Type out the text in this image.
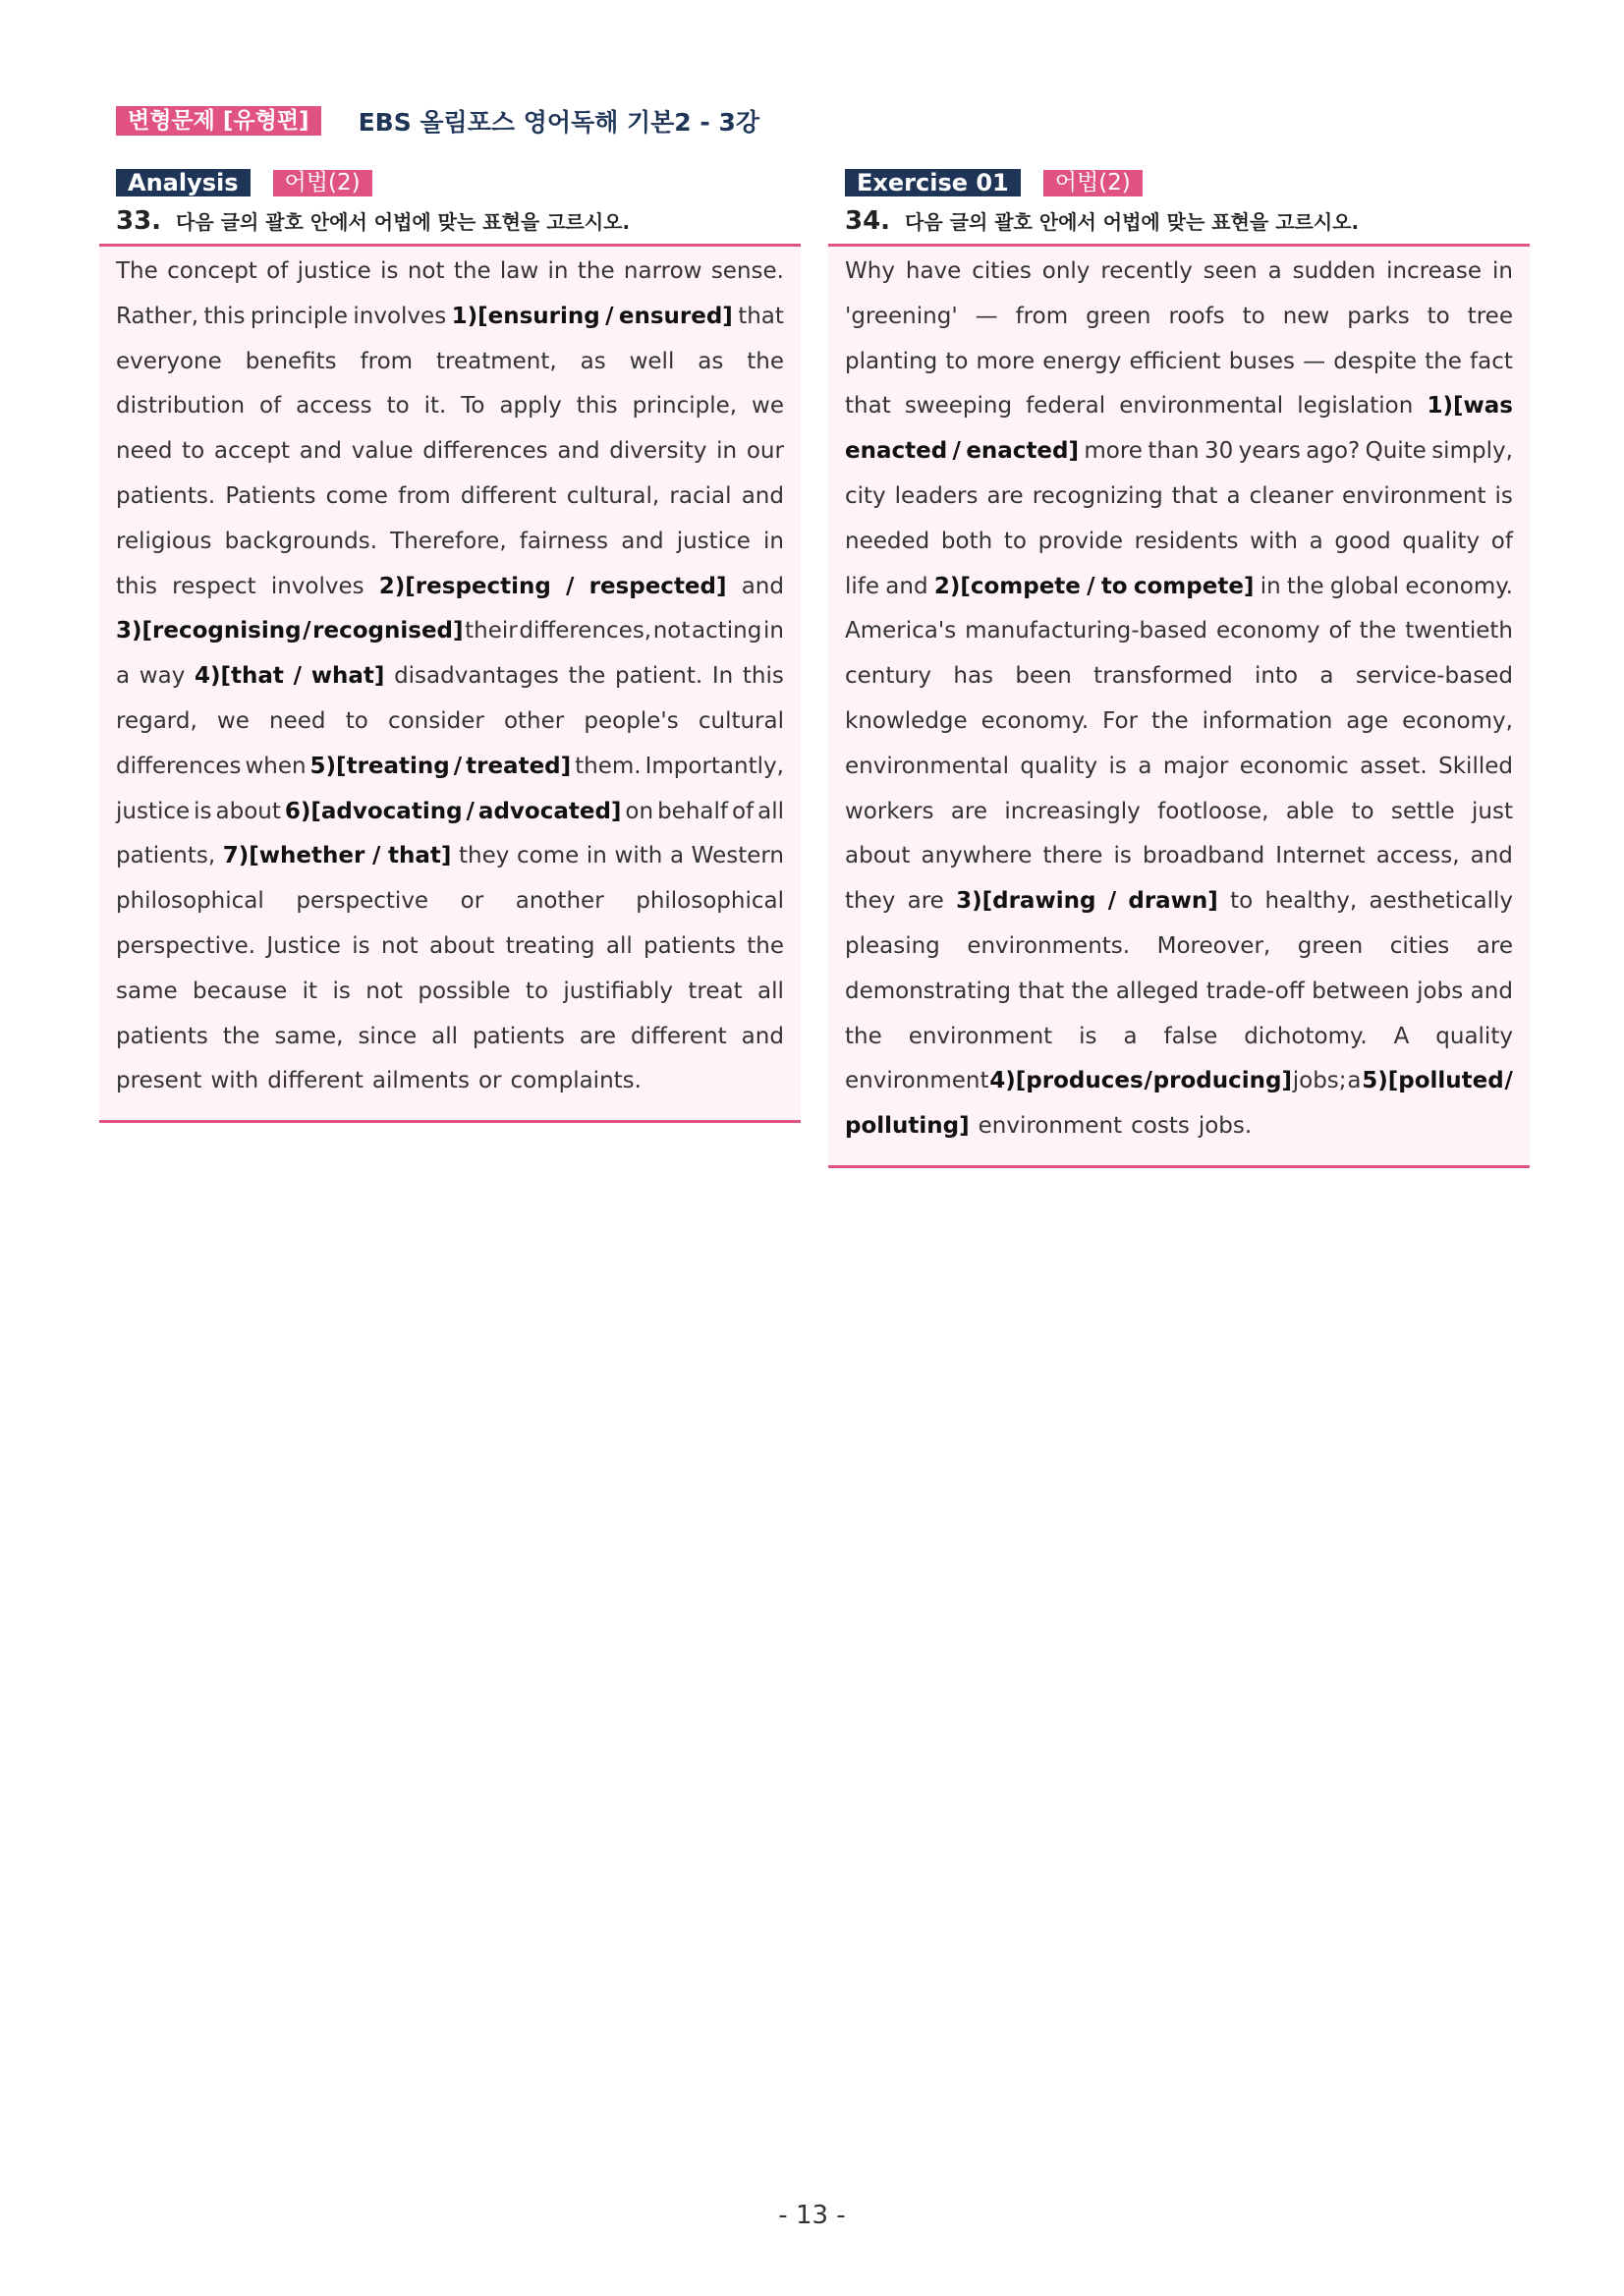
변형문제 [유형편]	EBS 올림포스 영어독해 기본2 - 3강
Analysis	어법(2)
33. 다음 글의 괄호 안에서 어법에 맞는 표현을 고르시오.
The concept of justice is not the law in the narrow sense.
Rather, this principle involves 1)[ensuring / ensured] that
everyone benefits from treatment, as well as the
distribution of access to it. To apply this principle, we
need to accept and value differences and diversity in our
patients. Patients come from different cultural, racial and
religious backgrounds. Therefore, fairness and justice in
this respect involves 2)[respecting / respected] and
3)[recognising / recognised] their differences, not acting in
a way 4)[that / what] disadvantages the patient. In this
regard, we need to consider other people's cultural
differences when 5)[treating / treated] them. Importantly,
justice is about 6)[advocating / advocated] on behalf of all
patients, 7)[whether / that] they come in with a Western
philosophical perspective or another philosophical
perspective. Justice is not about treating all patients the
same because it is not possible to justifiably treat all
patients the same, since all patients are different and
present with different ailments or complaints.
Exercise 01	어법(2)
34. 다음 글의 괄호 안에서 어법에 맞는 표현을 고르시오.
Why have cities only recently seen a sudden increase in
'greening' — from green roofs to new parks to tree
planting to more energy efficient buses — despite the fact
that sweeping federal environmental legislation 1)[was
enacted / enacted] more than 30 years ago? Quite simply,
city leaders are recognizing that a cleaner environment is
needed both to provide residents with a good quality of
life and 2)[compete / to compete] in the global economy.
America's manufacturing-based economy of the twentieth
century has been transformed into a service-based
knowledge economy. For the information age economy,
environmental quality is a major economic asset. Skilled
workers are increasingly footloose, able to settle just
about anywhere there is broadband Internet access, and
they are 3)[drawing / drawn] to healthy, aesthetically
pleasing environments. Moreover, green cities are
demonstrating that the alleged trade-off between jobs and
the environment is a false dichotomy. A quality
environment 4)[produces / producing] jobs; a 5)[polluted /
polluting] environment costs jobs.
- 13 -
